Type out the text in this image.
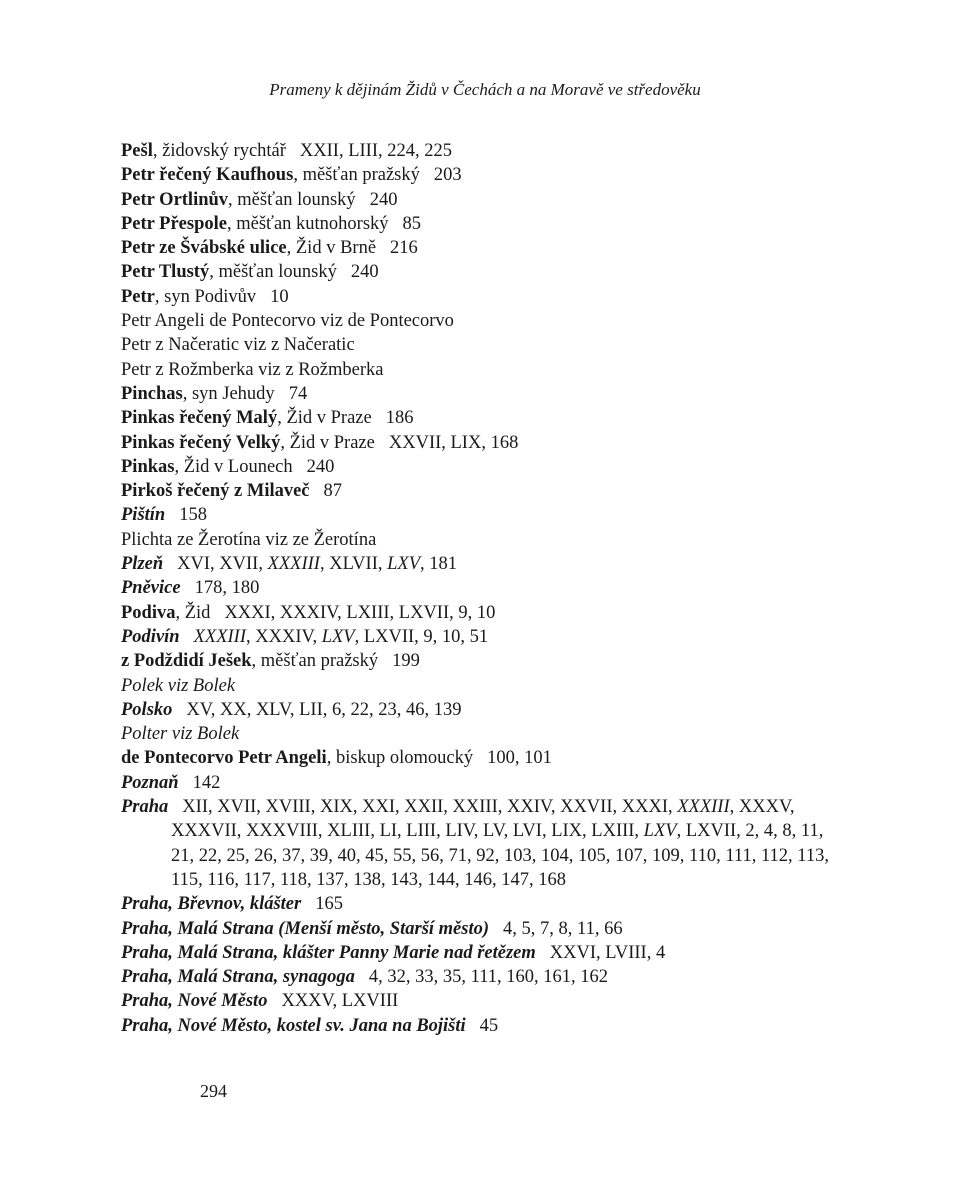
Prameny k dějinám Židů v Čechách a na Moravě ve středověku
Pešl, židovský rychtář XXII, LIII, 224, 225
Petr řečený Kaufhous, měšťan pražský 203
Petr Ortlinův, měšťan lounský 240
Petr Přespole, měšťan kutnohorský 85
Petr ze Švábské ulice, Žid v Brně 216
Petr Tlustý, měšťan lounský 240
Petr, syn Podivův 10
Petr Angeli de Pontecorvo viz de Pontecorvo
Petr z Načeratic viz z Načeratic
Petr z Rožmberka viz z Rožmberka
Pinchas, syn Jehudy 74
Pinkas řečený Malý, Žid v Praze 186
Pinkas řečený Velký, Žid v Praze XXVII, LIX, 168
Pinkas, Žid v Lounech 240
Pirkoš řečený z Milaveč 87
Pištín 158
Plichta ze Žerotína viz ze Žerotína
Plzeň XVI, XVII, XXXIII, XLVII, LXV, 181
Pněvice 178, 180
Podiva, Žid XXXI, XXXIV, LXIII, LXVII, 9, 10
Podivín XXXIII, XXXIV, LXV, LXVII, 9, 10, 51
z Podždidí Ješek, měšťan pražský 199
Polek viz Bolek
Polsko XV, XX, XLV, LII, 6, 22, 23, 46, 139
Polter viz Bolek
de Pontecorvo Petr Angeli, biskup olomoucký 100, 101
Poznaň 142
Praha XII, XVII, XVIII, XIX, XXI, XXII, XXIII, XXIV, XXVII, XXXI, XXXIII, XXXV, XXXVII, XXXVIII, XLIII, LI, LIII, LIV, LV, LVI, LIX, LXIII, LXV, LXVII, 2, 4, 8, 11, 21, 22, 25, 26, 37, 39, 40, 45, 55, 56, 71, 92, 103, 104, 105, 107, 109, 110, 111, 112, 113, 115, 116, 117, 118, 137, 138, 143, 144, 146, 147, 168
Praha, Břevnov, klášter 165
Praha, Malá Strana (Menší město, Starší město) 4, 5, 7, 8, 11, 66
Praha, Malá Strana, klášter Panny Marie nad řetězem XXVI, LVIII, 4
Praha, Malá Strana, synagoga 4, 32, 33, 35, 111, 160, 161, 162
Praha, Nové Město XXXV, LXVIII
Praha, Nové Město, kostel sv. Jana na Bojišti 45
294
